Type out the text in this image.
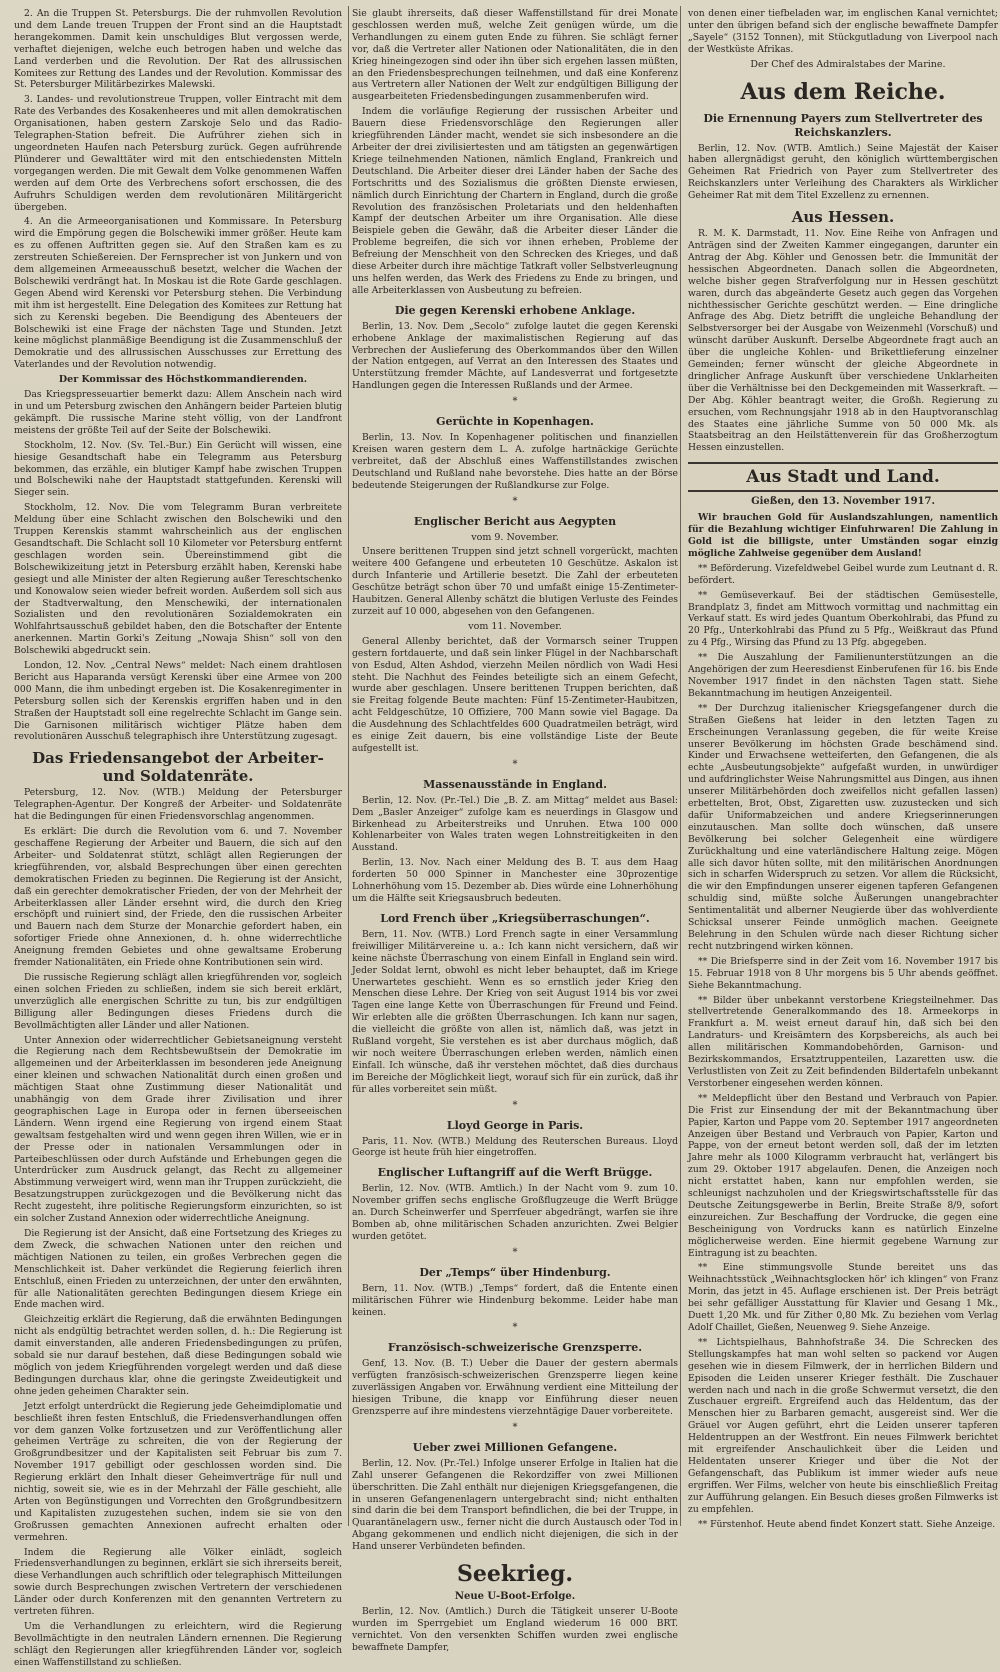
2. An die Truppen St. Petersburgs. Die der ruhmvollen Revolution und dem Lande treuen Truppen der Front sind an die Hauptstadt herangekommen. Damit kein unschuldiges Blut vergossen werde, verhaftet diejenigen, welche euch betrogen haben und welche das Land verderben und die Revolution. Der Rat des allrussischen Komitees zur Rettung des Landes und der Revolution. Kommissar des St. Petersburger Militärbezirkes Malewski.

3. Landes- und revolutionstreue Truppen, voller Eintracht mit dem Rate des Verbandes des Kosakenheeres und mit allen demokratischen Organisationen, haben gestern Zarskoje Selo und das Radio-Telegraphen-Station befreit. Die Aufrührer ziehen sich in ungeordneten Haufen nach Petersburg zurück. Gegen aufrührende Plünderer und Gewalttäter wird mit den entschiedensten Mitteln vorgegangen werden. Die mit Gewalt dem Volke genommenen Waffen werden auf dem Orte des Verbrechens sofort erschossen, die des Aufruhrs Schuldigen werden dem revolutionären Militärgericht übergeben.

4. An die Armeeorganisationen und Kommissare. In Petersburg wird die Empörung gegen die Bolschewiki immer größer. Heute kam es zu offenen Auftritten gegen sie. Auf den Straßen kam es zu zerstreuten Schießereien. Der Fernsprecher ist von Junkern und von dem allgemeinen Armeeausschuß besetzt, welcher die Wachen der Bolschewiki verdrängt hat. In Moskau ist die Rote Garde geschlagen. Gegen Abend wird Kerenski vor Petersburg stehen. Die Verbindung mit ihm ist hergestellt. Eine Delegation des Komitees zur Rettung hat sich zu Kerenski begeben. Die Beendigung des Abenteuers der Bolschewiki ist eine Frage der nächsten Tage und Stunden. Jetzt keine möglichst planmäßige Beendigung ist die Zusammenschluß der Demokratie und des allrussischen Ausschusses zur Errettung des Vaterlandes und der Revolution notwendig.

Der Kommissar des Höchstkommandierenden.

Das Kriegspresseuartier bemerkt dazu: Allem Anschein nach wird in und um Petersburg zwischen den Anhängern beider Parteien blutig gekämpft. Die russische Marine steht völlig, von der Landfront meistens der größte Teil auf der Seite der Bolschewiki.

Stockholm, 12. Nov. (Sv. Tel.-Bur.) Ein Gerücht will wissen, eine hiesige Gesandtschaft habe ein Telegramm aus Petersburg bekommen, das erzähle, ein blutiger Kampf habe zwischen Truppen und Bolschewiki nahe der Hauptstadt stattgefunden. Kerenski will Sieger sein.

Stockholm, 12. Nov. Die vom Telegramm Buran verbreitete Meldung über eine Schlacht zwischen den Bolschewiki und den Truppen Kerenskis stammt wahrscheinlich aus der englischen Gesandtschaft. Die Schlacht soll 10 Kilometer vor Petersburg entfernt geschlagen worden sein. Übereinstimmend gibt die Bolschewikizeitung jetzt in Petersburg erzählt haben, Kerenski habe gesiegt und alle Minister der alten Regierung außer Tereschtschenko und Konowalow seien wieder befreit worden. Außerdem soll sich aus der Stadtverwaltung, den Menschewiki, der internationalen Sozialisten und den revolutionären Sozialdemokraten ein Wohlfahrtsausschuß gebildet haben, den die Botschafter der Entente anerkennen. Martin Gorki's Zeitung „Nowaja Shisn“ soll von den Bolschewiki abgedruckt sein.

London, 12. Nov. „Central News“ meldet: Nach einem drahtlosen Bericht aus Haparanda versügt Kerenski über eine Armee von 200 000 Mann, die ihm unbedingt ergeben ist. Die Kosakenregimenter in Petersburg sollen sich der Kerenskis ergriffen haben und in den Straßen der Hauptstadt soll eine regelrechte Schlacht im Gange sein. Die Garnisonen militärisch wichtiger Plätze haben dem revolutionären Ausschuß telegraphisch ihre Unterstützung zugesagt.

Das Friedensangebot der Arbeiter- und Soldatenräte.

Petersburg, 12. Nov. (WTB.) Meldung der Petersburger Telegraphen-Agentur. Der Kongreß der Arbeiter- und Soldatenräte hat die Bedingungen für einen Friedensvorschlag angenommen.

Es erklärt: Die durch die Revolution vom 6. und 7. November geschaffene Regierung der Arbeiter und Bauern, die sich auf den Arbeiter- und Soldatenrat stützt, schlägt allen Regierungen der kriegführenden, vor, alsbald Besprechungen über einen gerechten demokratischen Frieden zu beginnen. Die Regierung ist der Ansicht, daß ein gerechter demokratischer Frieden, der von der Mehrheit der Arbeiterklassen aller Länder ersehnt wird, die durch den Krieg erschöpft und ruiniert sind, der Friede, den die russischen Arbeiter und Bauern nach dem Sturze der Monarchie gefordert haben, ein sofortiger Friede ohne Annexionen, d. h. ohne widerrechtliche Aneignung fremden Gebietes und ohne gewaltsame Eroberung fremder Nationalitäten, ein Friede ohne Kontributionen sein wird.

Die russische Regierung schlägt allen kriegführenden vor, sogleich einen solchen Frieden zu schließen, indem sie sich bereit erklärt, unverzüglich alle energischen Schritte zu tun, bis zur endgültigen Billigung aller Bedingungen dieses Friedens durch die Bevollmächtigten aller Länder und aller Nationen.

Unter Annexion oder widerrechtlicher Gebietsaneignung versteht die Regierung nach dem Rechtsbewußtsein der Demokratie im allgemeinen und der Arbeiterklassen im besonderen jede Aneignung einer kleinen und schwachen Nationalität durch einen großen und mächtigen Staat ohne Zustimmung dieser Nationalität und unabhängig von dem Grade ihrer Zivilisation und ihrer geographischen Lage in Europa oder in fernen überseeischen Ländern. Wenn irgend eine Regierung von irgend einem Staat gewaltsam festgehalten wird und wenn gegen ihren Willen, wie er in der Presse oder in nationalen Versammlungen oder in Parteibeschlüssen oder durch Aufstände und Erhebungen gegen die Unterdrücker zum Ausdruck gelangt, das Recht zu allgemeiner Abstimmung verweigert wird, wenn man ihr Truppen zurückzieht, die Besatzungstruppen zurückgezogen und die Bevölkerung nicht das Recht zugesteht, ihre politische Regierungsform einzurichten, so ist ein solcher Zustand Annexion oder widerrechtliche Aneignung.

Die Regierung ist der Ansicht, daß eine Fortsetzung des Krieges zu dem Zweck, die schwachen Nationen unter den reichen und mächtigen Nationen zu teilen, ein großes Verbrechen gegen die Menschlichkeit ist. Daher verkündet die Regierung feierlich ihren Entschluß, einen Frieden zu unterzeichnen, der unter den erwähnten, für alle Nationalitäten gerechten Bedingungen diesem Kriege ein Ende machen wird.

Gleichzeitig erklärt die Regierung, daß die erwähnten Bedingungen nicht als endgültig betrachtet werden sollen, d. h.: Die Regierung ist damit einverstanden, alle anderen Friedensbedingungen zu prüfen, sobald sie nur darauf bestehen, daß diese Bedingungen sobald wie möglich von jedem Kriegführenden vorgelegt werden und daß diese Bedingungen durchaus klar, ohne die geringste Zweideutigkeit und ohne jeden geheimen Charakter sein.

Jetzt erfolgt unterdrückt die Regierung jede Geheimdiplomatie und beschließt ihren festen Entschluß, die Friedensverhandlungen offen vor dem ganzen Volke fortzusetzen und zur Veröffentlichung aller geheimen Verträge zu schreiten, die von der Regierung der Großgrundbesitzer und der Kapitalisten seit Februar bis zum 7. November 1917 gebilligt oder geschlossen worden sind. Die Regierung erklärt den Inhalt dieser Geheimverträge für null und nichtig, soweit sie, wie es in der Mehrzahl der Fälle geschieht, alle Arten von Begünstigungen und Vorrechten den Großgrundbesitzern und Kapitalisten zuzugestehen suchen, indem sie sie von den Großrussen gemachten Annexionen aufrecht erhalten oder vermehren.

Indem die Regierung alle Völker einlädt, sogleich Friedensverhandlungen zu beginnen, erklärt sie sich ihrerseits bereit, diese Verhandlungen auch schriftlich oder telegraphisch Mitteilungen sowie durch Besprechungen zwischen Vertretern der verschiedenen Länder oder durch Konferenzen mit den genannten Vertretern zu vertreten führen.

Um die Verhandlungen zu erleichtern, wird die Regierung Bevollmächtigte in den neutralen Ländern ernennen. Die Regierung schlägt den Regierungen aller kriegführenden Länder vor, sogleich einen Waffenstillstand zu schließen.

Sie glaubt ihrerseits, daß dieser Waffenstillstand für drei Monate geschlossen werden muß, welche Zeit genügen würde, um die Verhandlungen zu einem guten Ende zu führen. Sie schlägt ferner vor, daß die Vertreter aller Nationen oder Nationalitäten, die in den Krieg hineingezogen sind oder ihn über sich ergehen lassen müßten, an den Friedensbesprechungen teilnehmen, und daß eine Konferenz aus Vertretern aller Nationen der Welt zur endgültigen Billigung der ausgearbeiteten Friedensbedingungen zusammenberufen wird.

Indem die vorläufige Regierung der russischen Arbeiter und Bauern diese Friedensvorschläge den Regierungen aller kriegführenden Länder macht, wendet sie sich insbesondere an die Arbeiter der drei zivilisiertesten und am tätigsten an gegenwärtigen Kriege teilnehmenden Nationen, nämlich England, Frankreich und Deutschland. Die Arbeiter dieser drei Länder haben der Sache des Fortschritts und des Sozialismus die größten Dienste erwiesen, nämlich durch Einrichtung der Chartern in England, durch die große Revolution des französischen Proletariats und den heldenhaften Kampf der deutschen Arbeiter um ihre Organisation. Alle diese Beispiele geben die Gewähr, daß die Arbeiter dieser Länder die Probleme begreifen, die sich vor ihnen erheben, Probleme der Befreiung der Menschheit von den Schrecken des Krieges, und daß diese Arbeiter durch ihre mächtige Tatkraft voller Selbstverleugnung uns helfen werden, das Werk des Friedens zu Ende zu bringen, und alle Arbeiterklassen von Ausbeutung zu befreien.

Die gegen Kerenski erhobene Anklage.

Berlin, 13. Nov. Dem „Secolo“ zufolge lautet die gegen Kerenski erhobene Anklage der maximalistischen Regierung auf das Verbrechen der Auslieferung des Oberkommandos über den Willen der Nation entgegen, auf Verrat an den Interessen des Staates und Unterstützung fremder Mächte, auf Landesverrat und fortgesetzte Handlungen gegen die Interessen Rußlands und der Armee.

*
Gerüchte in Kopenhagen.

Berlin, 13. Nov. In Kopenhagener politischen und finanziellen Kreisen waren gestern dem L. A. zufolge hartnäckige Gerüchte verbreitet, daß der Abschluß eines Waffenstillstandes zwischen Deutschland und Rußland nahe bevorstehe. Dies hatte an der Börse bedeutende Steigerungen der Rußlandkurse zur Folge.

*
Englischer Bericht aus Aegypten
vom 9. November.

Unsere berittenen Truppen sind jetzt schnell vorgerückt, machten weitere 400 Gefangene und erbeuteten 10 Geschütze. Askalon ist durch Infanterie und Artillerie besetzt. Die Zahl der erbeuteten Geschütze beträgt schon über 70 und umfaßt einige 15-Zentimeter-Haubitzen. General Allenby schätzt die blutigen Verluste des Feindes zurzeit auf 10 000, abgesehen von den Gefangenen.

vom 11. November.

General Allenby berichtet, daß der Vormarsch seiner Truppen gestern fortdauerte, und daß sein linker Flügel in der Nachbarschaft von Esdud, Alten Ashdod, vierzehn Meilen nördlich von Wadi Hesi steht. Die Nachhut des Feindes beteiligte sich an einem Gefecht, wurde aber geschlagen. Unsere berittenen Truppen berichten, daß sie Freitag folgende Beute machten: Fünf 15-Zentimeter-Haubitzen, acht Feldgeschütze, 10 Offiziere, 700 Mann sowie viel Bagage. Da die Ausdehnung des Schlachtfeldes 600 Quadratmeilen beträgt, wird es einige Zeit dauern, bis eine vollständige Liste der Beute aufgestellt ist.

*
Massenausstände in England.

Berlin, 12. Nov. (Pr.-Tel.) Die „B. Z. am Mittag“ meldet aus Basel: Dem „Basler Anzeiger“ zufolge kam es neuerdings in Glasgow und Birkenhead zu Arbeiterstreiks und Unruhen. Etwa 100 000 Kohlenarbeiter von Wales traten wegen Lohnstreitigkeiten in den Ausstand.

Berlin, 13. Nov. Nach einer Meldung des B. T. aus dem Haag forderten 50 000 Spinner in Manchester eine 30prozentige Lohnerhöhung vom 15. Dezember ab. Dies würde eine Lohnerhöhung um die Hälfte seit Kriegsausbruch bedeuten.

Lord French über „Kriegsüberraschungen“.

Bern, 11. Nov. (WTB.) Lord French sagte in einer Versammlung freiwilliger Militärvereine u. a.: Ich kann nicht versichern, daß wir keine nächste Überraschung von einem Einfall in England sein wird. Jeder Soldat lernt, obwohl es nicht leber behauptet, daß im Kriege Unerwartetes geschieht. Wenn es so ernstlich jeder Krieg den Menschen diese Lehre. Der Krieg von seit August 1914 bis vor zwei Tagen eine lange Kette von Überraschungen für Freund und Feind. Wir erlebten alle die größten Überraschungen. Ich kann nur sagen, die vielleicht die größte von allen ist, nämlich daß, was jetzt in Rußland vorgeht, Sie verstehen es ist aber durchaus möglich, daß wir noch weitere Überraschungen erleben werden, nämlich einen Einfall. Ich wünsche, daß ihr verstehen möchtet, daß dies durchaus im Bereiche der Möglichkeit liegt, worauf sich für ein zurück, daß ihr für alles vorbereitet sein müßt.

*
Lloyd George in Paris.

Paris, 11. Nov. (WTB.) Meldung des Reuterschen Bureaus. Lloyd George ist heute früh hier eingetroffen.

Englischer Luftangriff auf die Werft Brügge.

Berlin, 12. Nov. (WTB. Amtlich.) In der Nacht vom 9. zum 10. November griffen sechs englische Großflugzeuge die Werft Brügge an. Durch Scheinwerfer und Sperrfeuer abgedrängt, warfen sie ihre Bomben ab, ohne militärischen Schaden anzurichten. Zwei Belgier wurden getötet.

*
Der „Temps“ über Hindenburg.

Bern, 11. Nov. (WTB.) „Temps“ fordert, daß die Entente einen militärischen Führer wie Hindenburg bekomme. Leider habe man keinen.

*
Französisch-schweizerische Grenzsperre.

Genf, 13. Nov. (B. T.) Ueber die Dauer der gestern abermals verfügten französisch-schweizerischen Grenzsperre liegen keine zuverlässigen Angaben vor. Erwähnung verdient eine Mitteilung der hiesigen Tribune, die knapp vor Einführung dieser neuen Grenzsperre auf ihre mindestens vierzehntägige Dauer vorbereitete.

*
Ueber zwei Millionen Gefangene.

Berlin, 12. Nov. (Pr.-Tel.) Infolge unserer Erfolge in Italien hat die Zahl unserer Gefangenen die Rekordziffer von zwei Millionen überschritten. Die Zahl enthält nur diejenigen Kriegsgefangenen, die in unseren Gefangenenlagern untergebracht sind; nicht enthalten sind darin die bei dem Transport befindlichen, die bei der Truppe, in Quarantänelagern usw., ferner nicht die durch Austausch oder Tod in Abgang gekommenen und endlich nicht diejenigen, die sich in der Hand unserer Verbündeten befinden.

Seekrieg.
Neue U-Boot-Erfolge.

Berlin, 12. Nov. (Amtlich.) Durch die Tätigkeit unserer U-Boote wurden im Sperrgebiet um England wiederum 16 000 BRT. vernichtet. Von den versenkten Schiffen wurden zwei englische bewaffnete Dampfer,

von denen einer tiefbeladen war, im englischen Kanal vernichtet; unter den übrigen befand sich der englische bewaffnete Dampfer „Sayele“ (3152 Tonnen), mit Stückgutladung von Liverpool nach der Westküste Afrikas.

Der Chef des Admiralstabes der Marine.

Aus dem Reiche.
Die Ernennung Payers zum Stellvertreter des Reichskanzlers.

Berlin, 12. Nov. (WTB. Amtlich.) Seine Majestät der Kaiser haben allergnädigst geruht, den königlich württembergischen Geheimen Rat Friedrich von Payer zum Stellvertreter des Reichskanzlers unter Verleihung des Charakters als Wirklicher Geheimer Rat mit dem Titel Exzellenz zu ernennen.

Aus Hessen.

R. M. K. Darmstadt, 11. Nov. Eine Reihe von Anfragen und Anträgen sind der Zweiten Kammer eingegangen, darunter ein Antrag der Abg. Köhler und Genossen betr. die Immunität der hessischen Abgeordneten. Danach sollen die Abgeordneten, welche bisher gegen Strafverfolgung nur in Hessen geschützt waren, durch das abgeänderte Gesetz auch gegen das Vorgehen nichthessischer Gerichte geschützt werden. — Eine dringliche Anfrage des Abg. Dietz betrifft die ungleiche Behandlung der Selbstversorger bei der Ausgabe von Weizenmehl (Vorschuß) und wünscht darüber Auskunft. Derselbe Abgeordnete fragt auch an über die ungleiche Kohlen- und Brikettlieferung einzelner Gemeinden; ferner wünscht der gleiche Abgeordnete in dringlicher Anfrage Auskunft über verschiedene Unklarheiten über die Verhältnisse bei den Deckgemeinden mit Wasserkraft. — Der Abg. Köhler beantragt weiter, die Großh. Regierung zu ersuchen, vom Rechnungsjahr 1918 ab in den Hauptvoranschlag des Staates eine jährliche Summe von 50 000 Mk. als Staatsbeitrag an den Heilstättenverein für das Großherzogtum Hessen einzustellen.

Aus Stadt und Land.
Gießen, den 13. November 1917.

Wir brauchen Gold für Auslandszahlungen, namentlich für die Bezahlung wichtiger Einfuhrwaren! Die Zahlung in Gold ist die billigste, unter Umständen sogar einzig mögliche Zahlweise gegenüber dem Ausland!

** Beförderung. Vizefeldwebel Geibel wurde zum Leutnant d. R. befördert.

** Gemüseverkauf. Bei der städtischen Gemüsestelle, Brandplatz 3, findet am Mittwoch vormittag und nachmittag ein Verkauf statt. Es wird jedes Quantum Oberkohlrabi, das Pfund zu 20 Pfg., Unterkohlrabi das Pfund zu 5 Pfg., Weißkraut das Pfund zu 4 Pfg., Wirsing das Pfund zu 13 Pfg. abgegeben.

** Die Auszahlung der Familienunterstützungen an die Angehörigen der zum Heeresdienst Einberufenen für 16. bis Ende November 1917 findet in den nächsten Tagen statt. Siehe Bekanntmachung im heutigen Anzeigenteil.

** Der Durchzug italienischer Kriegsgefangener durch die Straßen Gießens hat leider in den letzten Tagen zu Erscheinungen Veranlassung gegeben, die für weite Kreise unserer Bevölkerung im höchsten Grade beschämend sind. Kinder und Erwachsene wetteiferten, den Gefangenen, die als echte „Ausbeutungsobjekte“ aufgefaßt wurden, in unwürdiger und aufdringlichster Weise Nahrungsmittel aus Dingen, aus ihnen unserer Militärbehörden doch zweifellos nicht gefallen lassen) erbettelten, Brot, Obst, Zigaretten usw. zuzustecken und sich dafür Uniformabzeichen und andere Kriegserinnerungen einzutauschen. Man sollte doch wünschen, daß unsere Bevölkerung bei solcher Gelegenheit eine würdigere Zurückhaltung und eine vaterländischere Haltung zeige. Mögen alle sich davor hüten sollte, mit den militärischen Anordnungen sich in scharfen Widerspruch zu setzen. Vor allem die Rücksicht, die wir den Empfindungen unserer eigenen tapferen Gefangenen schuldig sind, müßte solche Äußerungen unangebrachter Sentimentalität und alberner Neugierde über das wohlverdiente Schicksal unserer Feinde unmöglich machen. Geeignete Belehrung in den Schulen würde nach dieser Richtung sicher recht nutzbringend wirken können.

** Die Briefsperre sind in der Zeit vom 16. November 1917 bis 15. Februar 1918 von 8 Uhr morgens bis 5 Uhr abends geöffnet. Siehe Bekanntmachung.

** Bilder über unbekannt verstorbene Kriegsteilnehmer. Das stellvertretende Generalkommando des 18. Armeekorps in Frankfurt a. M. weist erneut darauf hin, daß sich bei den Landraturs- und Kreisämtern des Korpsbereichs, als auch bei allen militärischen Kommandobehörden, Garnison- und Bezirkskommandos, Ersatztruppenteilen, Lazaretten usw. die Verlustlisten von Zeit zu Zeit befindenden Bildertafeln unbekannt Verstorbener eingesehen werden können.

** Meldepflicht über den Bestand und Verbrauch von Papier. Die Frist zur Einsendung der mit der Bekanntmachung über Papier, Karton und Pappe vom 20. September 1917 angeordneten Anzeigen über Bestand und Verbrauch von Papier, Karton und Pappe, von der erneut betont werden soll, daß der im letzten Jahre mehr als 1000 Kilogramm verbraucht hat, verlängert bis zum 29. Oktober 1917 abgelaufen. Denen, die Anzeigen noch nicht erstattet haben, kann nur empfohlen werden, sie schleunigst nachzuholen und der Kriegswirtschaftsstelle für das Deutsche Zeitungsgewerbe in Berlin, Breite Straße 8/9, sofort einzureichen. Zur Beschaffung der Vordrucke, die gegen eine Bescheinigung von Vordrucks kann es natürlich Einzelne möglicherweise werden. Eine hiermit gegebene Warnung zur Eintragung ist zu beachten.

** Eine stimmungsvolle Stunde bereitet uns das Weihnachtsstück „Weihnachtsglocken hör' ich klingen“ von Franz Morin, das jetzt in 45. Auflage erschienen ist. Der Preis beträgt bei sehr gefälliger Ausstattung für Klavier und Gesang 1 Mk., Duett 1,20 Mk. und für Zither 0,80 Mk. Zu beziehen vom Verlag Adolf Chaillet, Gießen, Neuenweg 9. Siehe Anzeige.

** Lichtspielhaus, Bahnhofstraße 34. Die Schrecken des Stellungskampfes hat man wohl selten so packend vor Augen gesehen wie in diesem Filmwerk, der in herrlichen Bildern und Episoden die Leiden unserer Krieger festhält. Die Zuschauer werden nach und nach in die große Schwermut versetzt, die den Zuschauer ergreift. Ergreifend auch das Heldentum, das der Menschen hier zu Barbaren gemacht, ausgereist sind. Wer die Gräuel vor Augen geführt, ehrt die Leiden unserer tapferen Heldentruppen an der Westfront. Ein neues Filmwerk berichtet mit ergreifender Anschaulichkeit über die Leiden und Heldentaten unserer Krieger und über die Not der Gefangenschaft, das Publikum ist immer wieder aufs neue ergriffen. Wer Films, welcher von heute bis einschließlich Freitag zur Aufführung gelangen. Ein Besuch dieses großen Filmwerks ist zu empfehlen.

** Fürstenhof. Heute abend findet Konzert statt. Siehe Anzeige.
